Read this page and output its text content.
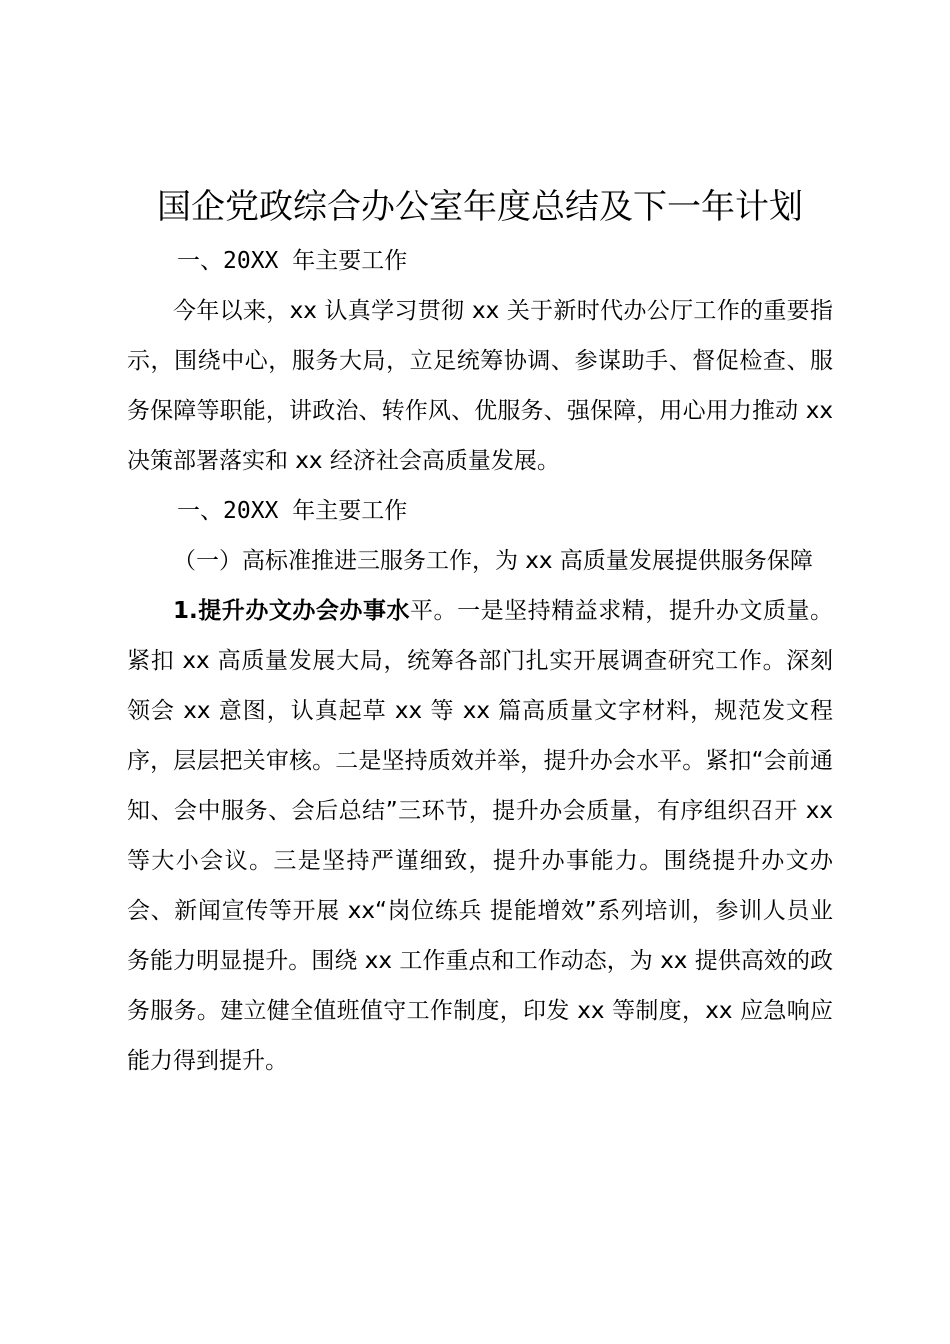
国企党政综合办公室年度总结及下一年计划

一、20XX 年主要工作

今年以来，xx 认真学习贯彻 xx 关于新时代办公厅工作的重要指示，围绕中心，服务大局，立足统筹协调、参谋助手、督促检查、服务保障等职能，讲政治、转作风、优服务、强保障，用心用力推动 xx 决策部署落实和 xx 经济社会高质量发展。

一、20XX 年主要工作

（一）高标准推进三服务工作，为 xx 高质量发展提供服务保障

1.提升办文办会办事水平。一是坚持精益求精，提升办文质量。紧扣 xx 高质量发展大局，统筹各部门扎实开展调查研究工作。深刻领会 xx 意图，认真起草 xx 等 xx 篇高质量文字材料，规范发文程序，层层把关审核。二是坚持质效并举，提升办会水平。紧扣“会前通知、会中服务、会后总结”三环节，提升办会质量，有序组织召开 xx 等大小会议。三是坚持严谨细致，提升办事能力。围绕提升办文办会、新闻宣传等开展 xx“岗位练兵 提能增效”系列培训，参训人员业务能力明显提升。围绕 xx 工作重点和工作动态，为 xx 提供高效的政务服务。建立健全值班值守工作制度，印发 xx 等制度，xx 应急响应能力得到提升。
